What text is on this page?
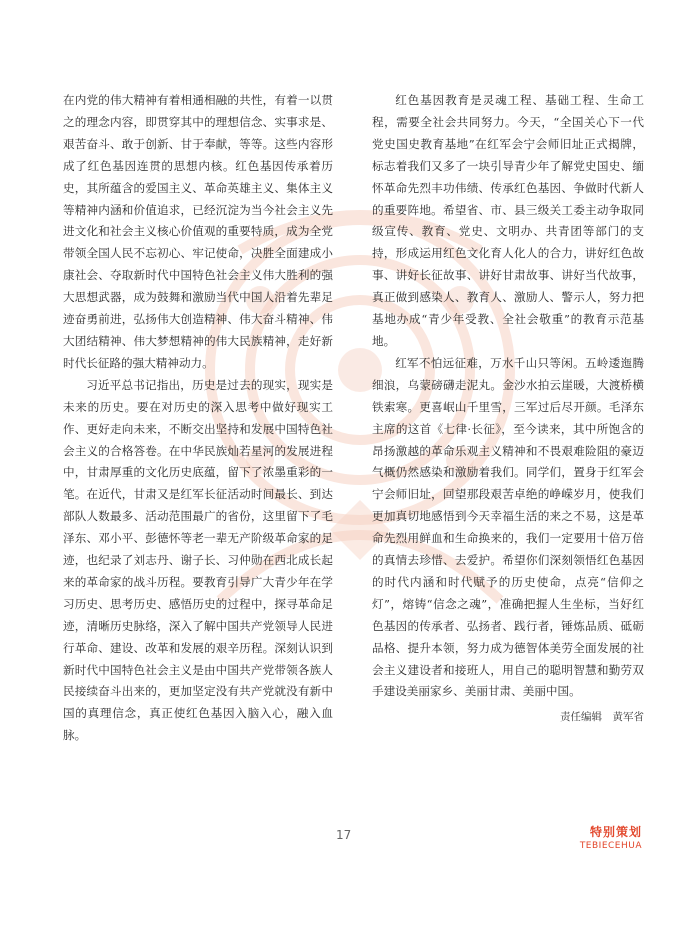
在内党的伟大精神有着相通相融的共性，有着一以贯之的理念内容，即贯穿其中的理想信念、实事求是、艰苦奋斗、敢于创新、甘于奉献，等等。这些内容形成了红色基因连贯的思想内核。红色基因传承着历史，其所蕴含的爱国主义、革命英雄主义、集体主义等精神内涵和价值追求，已经沉淀为当今社会主义先进文化和社会主义核心价值观的重要特质，成为全党带领全国人民不忘初心、牢记使命，决胜全面建成小康社会、夺取新时代中国特色社会主义伟大胜利的强大思想武器，成为鼓舞和激励当代中国人沿着先辈足迹奋勇前进，弘扬伟大创造精神、伟大奋斗精神、伟大团结精神、伟大梦想精神的伟大民族精神，走好新时代长征路的强大精神动力。

习近平总书记指出，历史是过去的现实，现实是未来的历史。要在对历史的深入思考中做好现实工作、更好走向未来，不断交出坚持和发展中国特色社会主义的合格答卷。在中华民族灿若星河的发展进程中，甘肃厚重的文化历史底蕴，留下了浓墨重彩的一笔。在近代，甘肃又是红军长征活动时间最长、到达部队人数最多、活动范围最广的省份，这里留下了毛泽东、邓小平、彭德怀等老一辈无产阶级革命家的足迹，也纪录了刘志丹、谢子长、习仲勋在西北成长起来的革命家的战斗历程。要教育引导广大青少年在学习历史、思考历史、感悟历史的过程中，探寻革命足迹，清晰历史脉络，深入了解中国共产党领导人民进行革命、建设、改革和发展的艰辛历程。深刻认识到新时代中国特色社会主义是由中国共产党带领各族人民接续奋斗出来的，更加坚定没有共产党就没有新中国的真理信念，真正使红色基因入脑入心，融入血脉。

红色基因教育是灵魂工程、基础工程、生命工程，需要全社会共同努力。今天，“全国关心下一代党史国史教育基地”在红军会宁会师旧址正式揭牌，标志着我们又多了一块引导青少年了解党史国史、缅怀革命先烈丰功伟绩、传承红色基因、争做时代新人的重要阵地。希望省、市、县三级关工委主动争取同级宣传、教育、党史、文明办、共青团等部门的支持，形成运用红色文化育人化人的合力，讲好红色故事、讲好长征故事、讲好甘肃故事、讲好当代故事，真正做到感染人、教育人、激励人、警示人，努力把基地办成“青少年受教、全社会敬重”的教育示范基地。

红军不怕远征难，万水千山只等闲。五岭逶迤腾细浪，乌蒙磅礴走泥丸。金沙水拍云崖暖，大渡桥横铁索寒。更喜岷山千里雪，三军过后尽开颜。毛泽东主席的这首《七律·长征》，至今读来，其中所饱含的昂扬激越的革命乐观主义精神和不畏艰难险阻的豪迈气概仍然感染和激励着我们。同学们，置身于红军会宁会师旧址，回望那段艰苦卓绝的峥嵘岁月，使我们更加真切地感悟到今天幸福生活的来之不易，这是革命先烈用鲜血和生命换来的，我们一定要用十倍万倍的真情去珍惜、去爱护。希望你们深刻领悟红色基因的时代内涵和时代赋予的历史使命，点亮“信仰之灯”，熔铸“信念之魂”，准确把握人生坐标，当好红色基因的传承者、弘扬者、践行者，锤炼品质、砥砺品格、提升本领，努力成为德智体美劳全面发展的社会主义建设者和接班人，用自己的聪明智慧和勤劳双手建设美丽家乡、美丽甘肃、美丽中国。

责任编辑　黄军省
17	特别策划
TEBIECEHUA
